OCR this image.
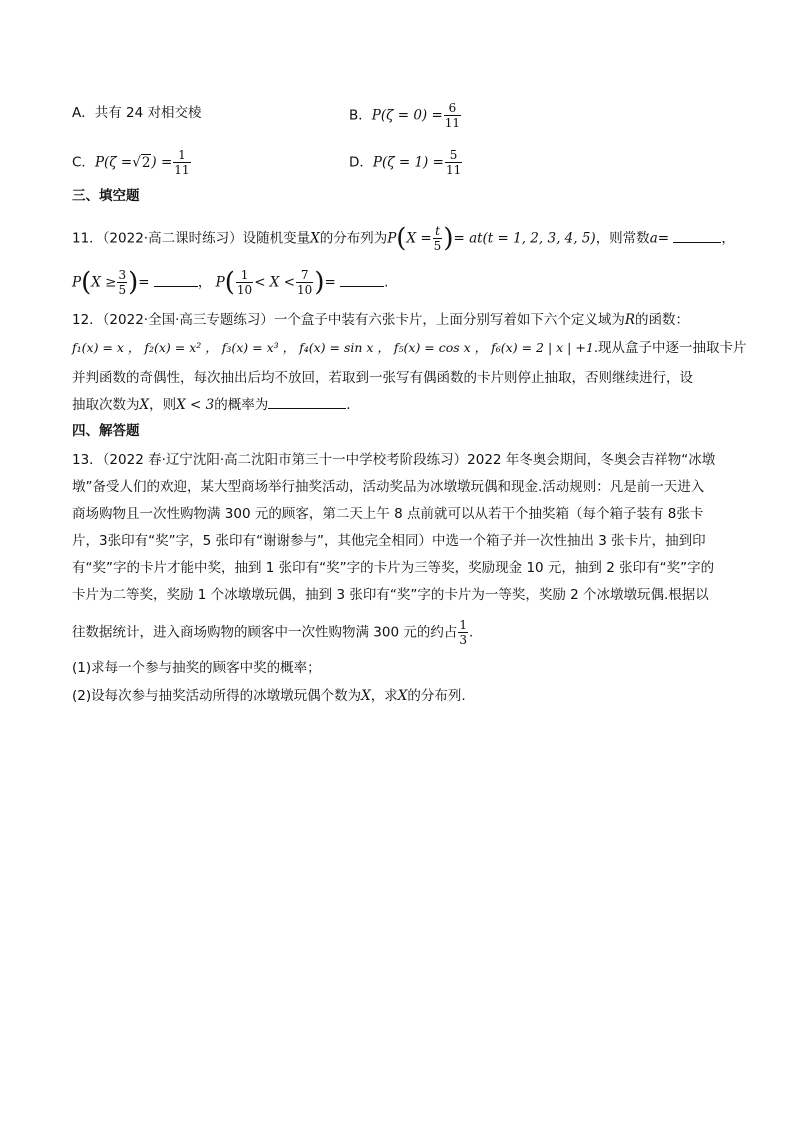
A．共有 24 对相交棱	B．$P(\zeta = 0) = \frac{6}{11}$
C．$P(\zeta =√2) = \frac{1}{11}$	D．$P(\zeta = 1) = \frac{5}{11}$
三、填空题
11．（2022·高二课时练习）设随机变量X的分布列为$P(X = \frac{t}{5}$ )= at(t = 1, 2, 3, 4, 5)，则常数a=	，
$P(X \ge \frac{3}{5}$ )=	， $P( \frac{1}{10} < X < \frac{7}{10}$ )=	.
12．（2022·全国·高三专题练习）一个盒子中装有六张卡片，上面分别写着如下六个定义域为R的函数：
f₁(x) = x ， f₂(x) = x² ， f₃(x) = x³ ， f₄(x) = sin x ， f₅(x) = cos x ， f₆(x) = 2 | x | +1.现从盒子中逐一抽取卡片
并判函数的奇偶性，每次抽出后均不放回，若取到一张写有偶函数的卡片则停止抽取，否则继续进行，设
抽取次数为X，则X < 3的概率为	.
四、解答题
13．（2022 春·辽宁沈阳·高二沈阳市第三十一中学校考阶段练习）2022 年冬奥会期间，冬奥会吉祥物“冰墩
墩”备受人们的欢迎，某大型商场举行抽奖活动，活动奖品为冰墩墩玩偶和现金.活动规则：凡是前一天进入
商场购物且一次性购物满 300 元的顾客，第二天上午 8 点前就可以从若干个抽奖箱（每个箱子装有 8张卡
片，3张印有“奖”字，5 张印有“谢谢参与”，其他完全相同）中选一个箱子并一次性抽出 3 张卡片，抽到印
有“奖”字的卡片才能中奖，抽到 1 张印有“奖”字的卡片为三等奖，奖励现金 10 元，抽到 2 张印有“奖”字的
卡片为二等奖，奖励 1 个冰墩墩玩偶，抽到 3 张印有“奖”字的卡片为一等奖，奖励 2 个冰墩墩玩偶.根据以
往数据统计，进入商场购物的顾客中一次性购物满 300 元的约占 $\frac{1}{3}$ .
(1)求每一个参与抽奖的顾客中奖的概率；
(2)设每次参与抽奖活动所得的冰墩墩玩偶个数为X，求X的分布列.
